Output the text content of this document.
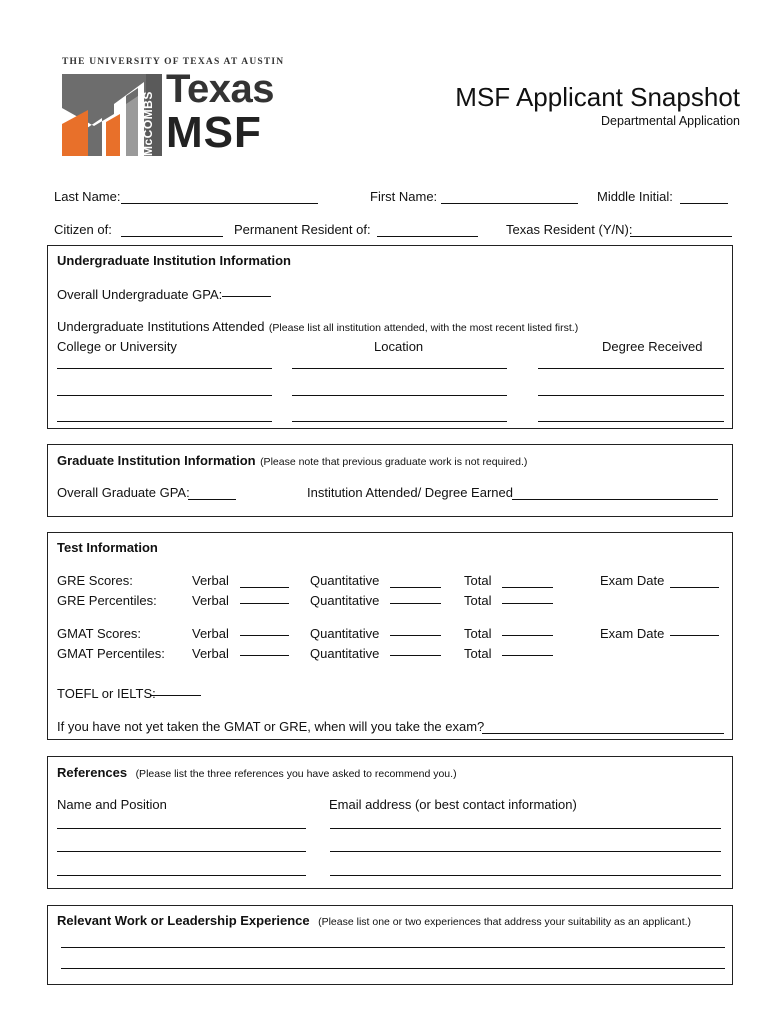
THE UNIVERSITY OF TEXAS AT AUSTIN
McCOMBS
Texas
MSF
MSF Applicant Snapshot
Departmental Application
Last Name:	First Name:	Middle Initial:
Citizen of:	Permanent Resident of:	Texas Resident (Y/N):
Undergraduate Institution Information
Overall Undergraduate GPA:
Undergraduate Institutions Attended (Please list all institution attended, with the most recent listed first.)
College or University	Location	Degree Received
Graduate Institution Information (Please note that previous graduate work is not required.)
Overall Graduate GPA:	Institution Attended/ Degree Earned
Test Information
GRE Scores:	Verbal	Quantitative	Total	Exam Date
GRE Percentiles:	Verbal	Quantitative	Total
GMAT Scores:	Verbal	Quantitative	Total	Exam Date
GMAT Percentiles: Verbal	Quantitative	Total
TOEFL or IELTS:
If you have not yet taken the GMAT or GRE, when will you take the exam?
References (Please list the three references you have asked to recommend you.)
Name and Position	Email address (or best contact information)
Relevant Work or Leadership Experience (Please list one or two experiences that address your suitability as an applicant.)
